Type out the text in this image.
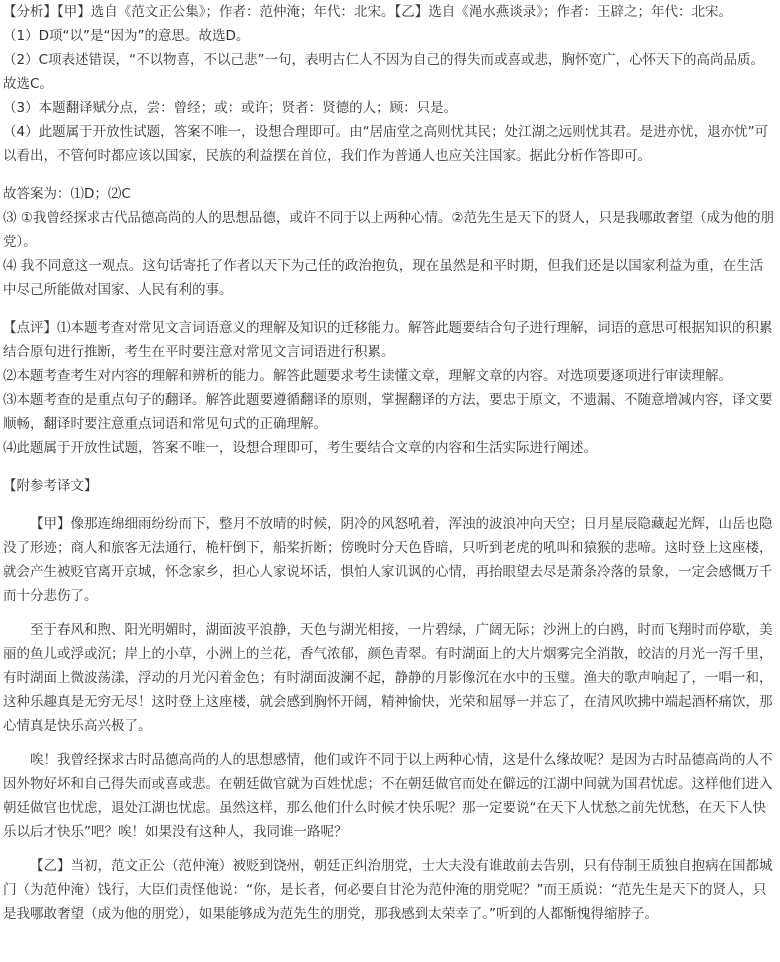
【分析】【甲】选自《范文正公集》；作者：范仲淹；年代：北宋。【乙】选自《渑水燕谈录》；作者：王辟之；年代：北宋。

（1）D项“以”是“因为”的意思。故选D。

（2）C项表述错误，“不以物喜，不以己悲”一句，表明古仁人不因为自己的得失而或喜或悲，胸怀宽广，心怀天下的高尚品质。故选C。

（3）本题翻译赋分点，尝：曾经；或：或许；贤者：贤德的人；顾：只是。

（4）此题属于开放性试题，答案不唯一，设想合理即可。由“居庙堂之高则忧其民；处江湖之远则忧其君。是进亦忧，退亦忧”可以看出，不管何时都应该以国家，民族的利益摆在首位，我们作为普通人也应关注国家。据此分析作答即可。

故答案为：⑴D；⑵C

⑶ ①我曾经探求古代品德高尚的人的思想品德，或许不同于以上两种心情。②范先生是天下的贤人，只是我哪敢奢望（成为他的朋党）。

⑷ 我不同意这一观点。这句话寄托了作者以天下为己任的政治抱负，现在虽然是和平时期，但我们还是以国家利益为重，在生活中尽己所能做对国家、人民有利的事。

【点评】⑴本题考查对常见文言词语意义的理解及知识的迁移能力。解答此题要结合句子进行理解，词语的意思可根据知识的积累结合原句进行推断，考生在平时要注意对常见文言词语进行积累。

⑵本题考查考生对内容的理解和辨析的能力。解答此题要求考生读懂文章，理解文章的内容。对选项要逐项进行审读理解。

⑶本题考查的是重点句子的翻译。解答此题要遵循翻译的原则，掌握翻译的方法，要忠于原文，不遗漏、不随意增减内容，译文要顺畅，翻译时要注意重点词语和常见句式的正确理解。

⑷此题属于开放性试题，答案不唯一，设想合理即可，考生要结合文章的内容和生活实际进行阐述。

【附参考译文】

【甲】像那连绵细雨纷纷而下，整月不放晴的时候，阴冷的风怒吼着，浑浊的波浪冲向天空；日月星辰隐藏起光辉，山岳也隐没了形迹；商人和旅客无法通行，桅杆倒下，船桨折断；傍晚时分天色昏暗，只听到老虎的吼叫和猿猴的悲啼。这时登上这座楼，就会产生被贬官离开京城，怀念家乡，担心人家说坏话，惧怕人家讥讽的心情，再抬眼望去尽是萧条冷落的景象，一定会感慨万千而十分悲伤了。

至于春风和煦、阳光明媚时，湖面波平浪静，天色与湖光相接，一片碧绿，广阔无际；沙洲上的白鸥，时而飞翔时而停歇，美丽的鱼儿或浮或沉；岸上的小草，小洲上的兰花，香气浓郁，颜色青翠。有时湖面上的大片烟雾完全消散，皎洁的月光一泻千里，有时湖面上微波荡漾，浮动的月光闪着金色；有时湖面波澜不起，静静的月影像沉在水中的玉璧。渔夫的歌声响起了，一唱一和，这种乐趣真是无穷无尽！这时登上这座楼，就会感到胸怀开阔，精神愉快，光荣和屈辱一并忘了，在清风吹拂中端起酒杯痛饮，那心情真是快乐高兴极了。

唉！我曾经探求古时品德高尚的人的思想感情，他们或许不同于以上两种心情，这是什么缘故呢？是因为古时品德高尚的人不因外物好坏和自己得失而或喜或悲。在朝廷做官就为百姓忧虑；不在朝廷做官而处在僻远的江湖中间就为国君忧虑。这样他们进入朝廷做官也忧虑，退处江湖也忧虑。虽然这样，那么他们什么时候才快乐呢？那一定要说“在天下人忧愁之前先忧愁，在天下人快乐以后才快乐”吧？唉！如果没有这种人，我同谁一路呢？

【乙】当初，范文正公（范仲淹）被贬到饶州，朝廷正纠治朋党，士大夫没有谁敢前去告别，只有侍制王质独自抱病在国都城门（为范仲淹）饯行，大臣们责怪他说：“你，是长者，何必要自甘沦为范仲淹的朋党呢？”而王质说：“范先生是天下的贤人，只是我哪敢奢望（成为他的朋党），如果能够成为范先生的朋党，那我感到太荣幸了。”听到的人都惭愧得缩脖子。
